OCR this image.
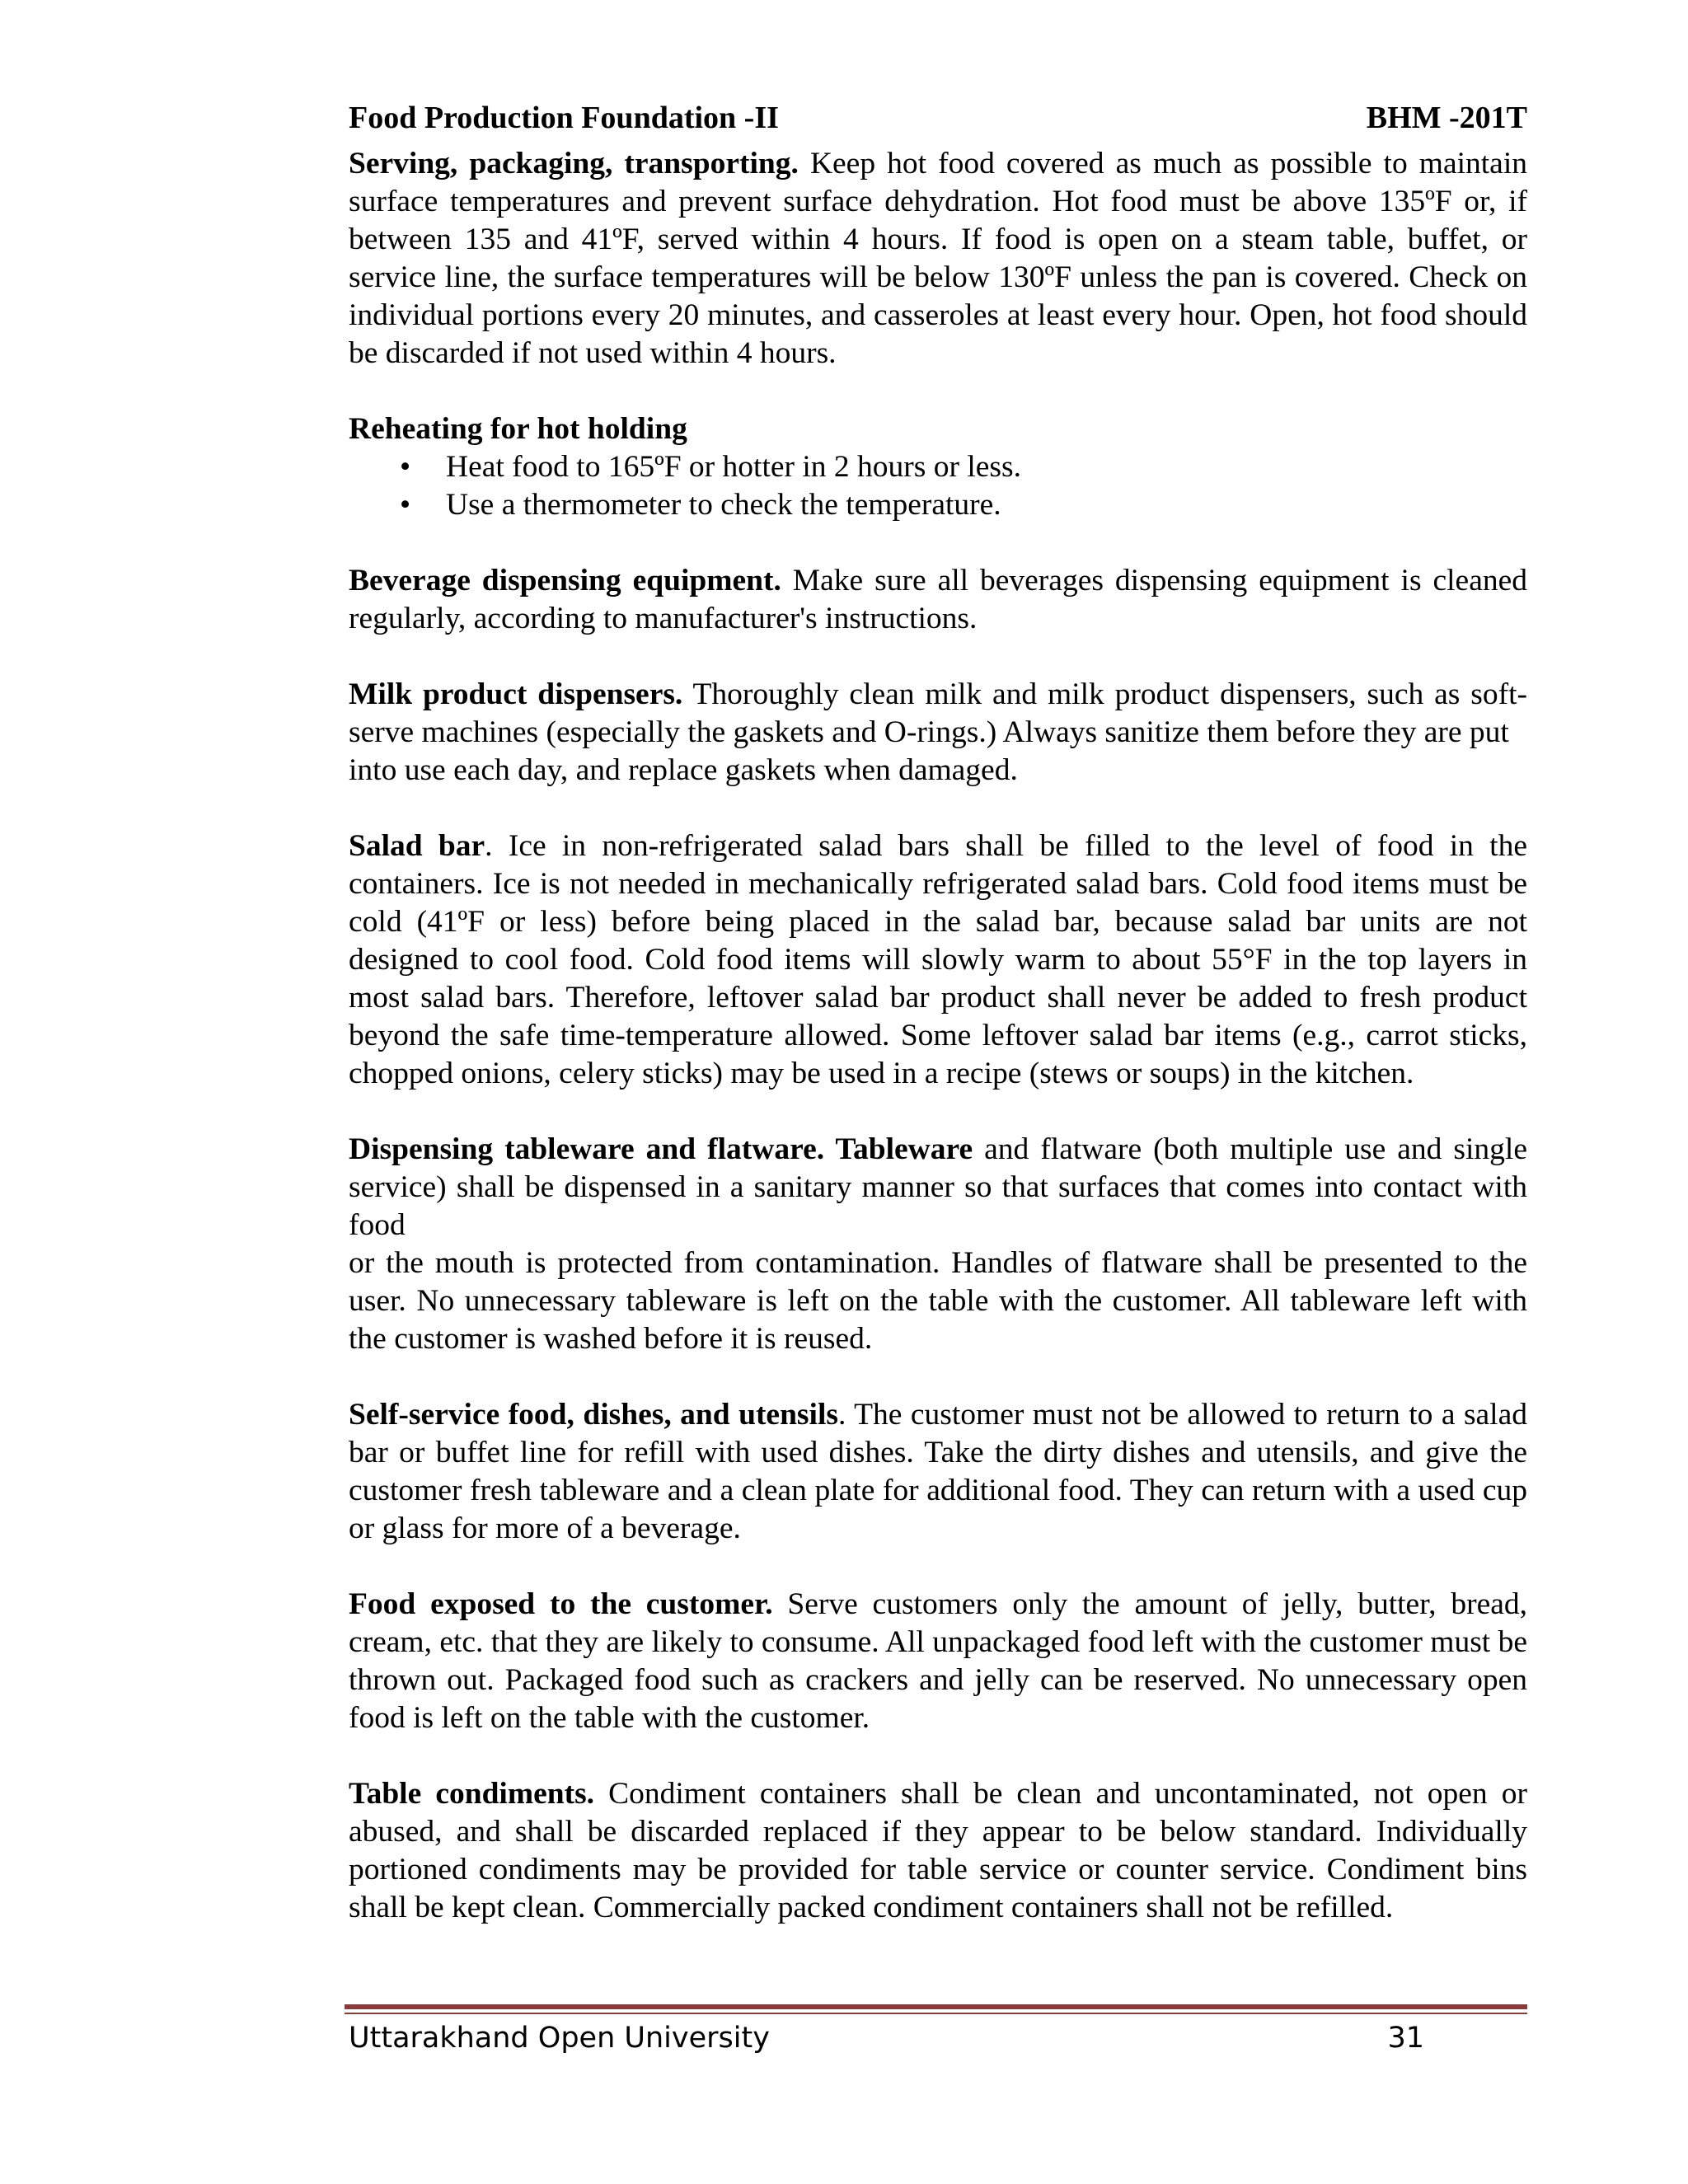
Food Production Foundation -II	BHM -201T

Serving, packaging, transporting. Keep hot food covered as much as possible to maintain surface temperatures and prevent surface dehydration. Hot food must be above 135ºF or, if between 135 and 41ºF, served within 4 hours. If food is open on a steam table, buffet, or service line, the surface temperatures will be below 130ºF unless the pan is covered. Check on individual portions every 20 minutes, and casseroles at least every hour. Open, hot food should be discarded if not used within 4 hours.

Reheating for hot holding

• Heat food to 165ºF or hotter in 2 hours or less.
• Use a thermometer to check the temperature.

Beverage dispensing equipment. Make sure all beverages dispensing equipment is cleaned regularly, according to manufacturer's instructions.

Milk product dispensers. Thoroughly clean milk and milk product dispensers, such as soft-serve machines (especially the gaskets and O-rings.) Always sanitize them before they are put

into use each day, and replace gaskets when damaged.

Salad bar. Ice in non-refrigerated salad bars shall be filled to the level of food in the containers. Ice is not needed in mechanically refrigerated salad bars. Cold food items must be cold (41ºF or less) before being placed in the salad bar, because salad bar units are not designed to cool food. Cold food items will slowly warm to about 55°F in the top layers in most salad bars. Therefore, leftover salad bar product shall never be added to fresh product beyond the safe time-temperature allowed. Some leftover salad bar items (e.g., carrot sticks, chopped onions, celery sticks) may be used in a recipe (stews or soups) in the kitchen.

Dispensing tableware and flatware. Tableware and flatware (both multiple use and single service) shall be dispensed in a sanitary manner so that surfaces that comes into contact with food

or the mouth is protected from contamination. Handles of flatware shall be presented to the user. No unnecessary tableware is left on the table with the customer. All tableware left with the customer is washed before it is reused.

Self-service food, dishes, and utensils. The customer must not be allowed to return to a salad bar or buffet line for refill with used dishes. Take the dirty dishes and utensils, and give the customer fresh tableware and a clean plate for additional food. They can return with a used cup or glass for more of a beverage.

Food exposed to the customer. Serve customers only the amount of jelly, butter, bread, cream, etc. that they are likely to consume. All unpackaged food left with the customer must be thrown out. Packaged food such as crackers and jelly can be reserved. No unnecessary open food is left on the table with the customer.

Table condiments. Condiment containers shall be clean and uncontaminated, not open or abused, and shall be discarded replaced if they appear to be below standard. Individually portioned condiments may be provided for table service or counter service. Condiment bins shall be kept clean. Commercially packed condiment containers shall not be refilled.

Uttarakhand Open University	31
